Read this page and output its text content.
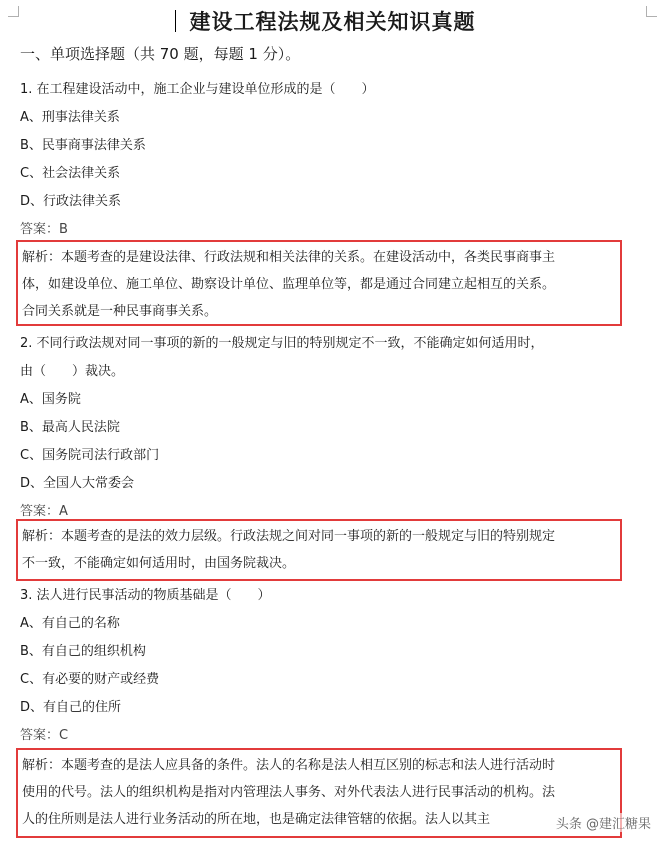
建设工程法规及相关知识真题
一、单项选择题（共 70 题，每题 1 分）。
1. 在工程建设活动中，施工企业与建设单位形成的是（　　）
A、刑事法律关系
B、民事商事法律关系
C、社会法律关系
D、行政法律关系
答案：B

解析：本题考查的是建设法律、行政法规和相关法律的关系。在建设活动中，各类民事商事主

体，如建设单位、施工单位、勘察设计单位、监理单位等，都是通过合同建立起相互的关系。

合同关系就是一种民事商事关系。

2. 不同行政法规对同一事项的新的一般规定与旧的特别规定不一致，不能确定如何适用时，
由（　　）裁决。
A、国务院
B、最高人民法院
C、国务院司法行政部门
D、全国人大常委会
答案：A

解析：本题考查的是法的效力层级。行政法规之间对同一事项的新的一般规定与旧的特别规定

不一致，不能确定如何适用时，由国务院裁决。

3. 法人进行民事活动的物质基础是（　　）
A、有自己的名称
B、有自己的组织机构
C、有必要的财产或经费
D、有自己的住所
答案：C

解析：本题考查的是法人应具备的条件。法人的名称是法人相互区别的标志和法人进行活动时

使用的代号。法人的组织机构是指对内管理法人事务、对外代表法人进行民事活动的机构。法

人的住所则是法人进行业务活动的所在地，也是确定法律管辖的依据。法人以其主	头条 @建汇糖果
